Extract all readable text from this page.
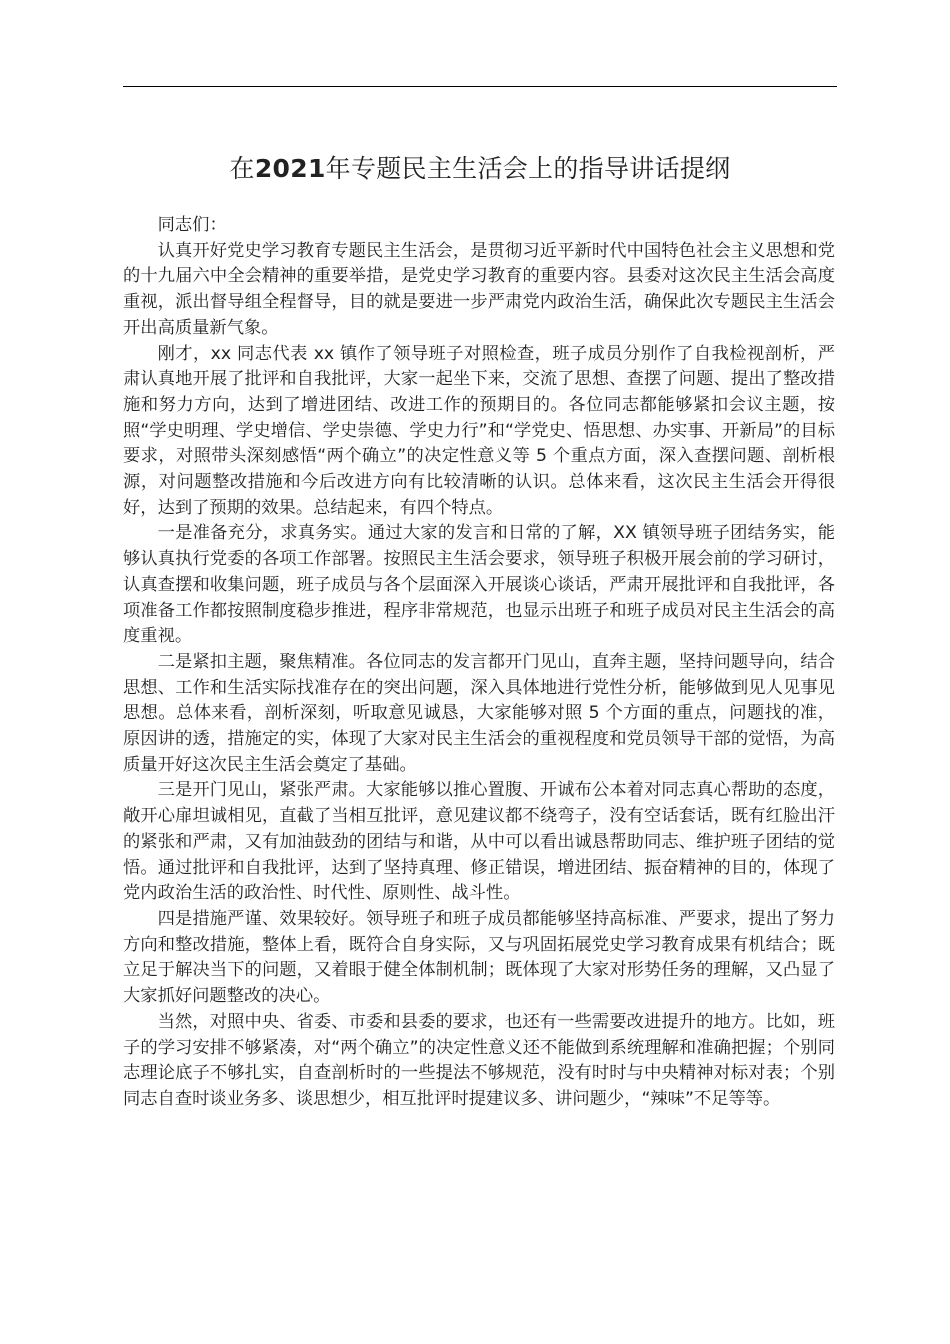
在2021年专题民主生活会上的指导讲话提纲

同志们：

认真开好党史学习教育专题民主生活会，是贯彻习近平新时代中国特色社会主义思想和党的十九届六中全会精神的重要举措，是党史学习教育的重要内容。县委对这次民主生活会高度重视，派出督导组全程督导，目的就是要进一步严肃党内政治生活，确保此次专题民主生活会开出高质量新气象。

刚才，xx 同志代表 xx 镇作了领导班子对照检查，班子成员分别作了自我检视剖析，严肃认真地开展了批评和自我批评，大家一起坐下来，交流了思想、查摆了问题、提出了整改措施和努力方向，达到了增进团结、改进工作的预期目的。各位同志都能够紧扣会议主题，按照“学史明理、学史增信、学史崇德、学史力行”和“学党史、悟思想、办实事、开新局”的目标要求，对照带头深刻感悟“两个确立”的决定性意义等 5 个重点方面，深入查摆问题、剖析根源，对问题整改措施和今后改进方向有比较清晰的认识。总体来看，这次民主生活会开得很好，达到了预期的效果。总结起来，有四个特点。

一是准备充分，求真务实。通过大家的发言和日常的了解，XX 镇领导班子团结务实，能够认真执行党委的各项工作部署。按照民主生活会要求，领导班子积极开展会前的学习研讨，认真查摆和收集问题，班子成员与各个层面深入开展谈心谈话，严肃开展批评和自我批评，各项准备工作都按照制度稳步推进，程序非常规范，也显示出班子和班子成员对民主生活会的高度重视。

二是紧扣主题，聚焦精准。各位同志的发言都开门见山，直奔主题，坚持问题导向，结合思想、工作和生活实际找准存在的突出问题，深入具体地进行党性分析，能够做到见人见事见思想。总体来看，剖析深刻，听取意见诚恳，大家能够对照 5 个方面的重点，问题找的准，原因讲的透，措施定的实，体现了大家对民主生活会的重视程度和党员领导干部的觉悟，为高质量开好这次民主生活会奠定了基础。

三是开门见山，紧张严肃。大家能够以推心置腹、开诚布公本着对同志真心帮助的态度，敞开心扉坦诚相见，直截了当相互批评，意见建议都不绕弯子，没有空话套话，既有红脸出汗的紧张和严肃，又有加油鼓劲的团结与和谐，从中可以看出诚恳帮助同志、维护班子团结的觉悟。通过批评和自我批评，达到了坚持真理、修正错误，增进团结、振奋精神的目的，体现了党内政治生活的政治性、时代性、原则性、战斗性。

四是措施严谨、效果较好。领导班子和班子成员都能够坚持高标准、严要求，提出了努力方向和整改措施，整体上看，既符合自身实际，又与巩固拓展党史学习教育成果有机结合；既立足于解决当下的问题，又着眼于健全体制机制；既体现了大家对形势任务的理解，又凸显了大家抓好问题整改的决心。

当然，对照中央、省委、市委和县委的要求，也还有一些需要改进提升的地方。比如，班子的学习安排不够紧凑，对“两个确立”的决定性意义还不能做到系统理解和准确把握；个别同志理论底子不够扎实，自查剖析时的一些提法不够规范，没有时时与中央精神对标对表；个别同志自查时谈业务多、谈思想少，相互批评时提建议多、讲问题少，“辣味”不足等等。
